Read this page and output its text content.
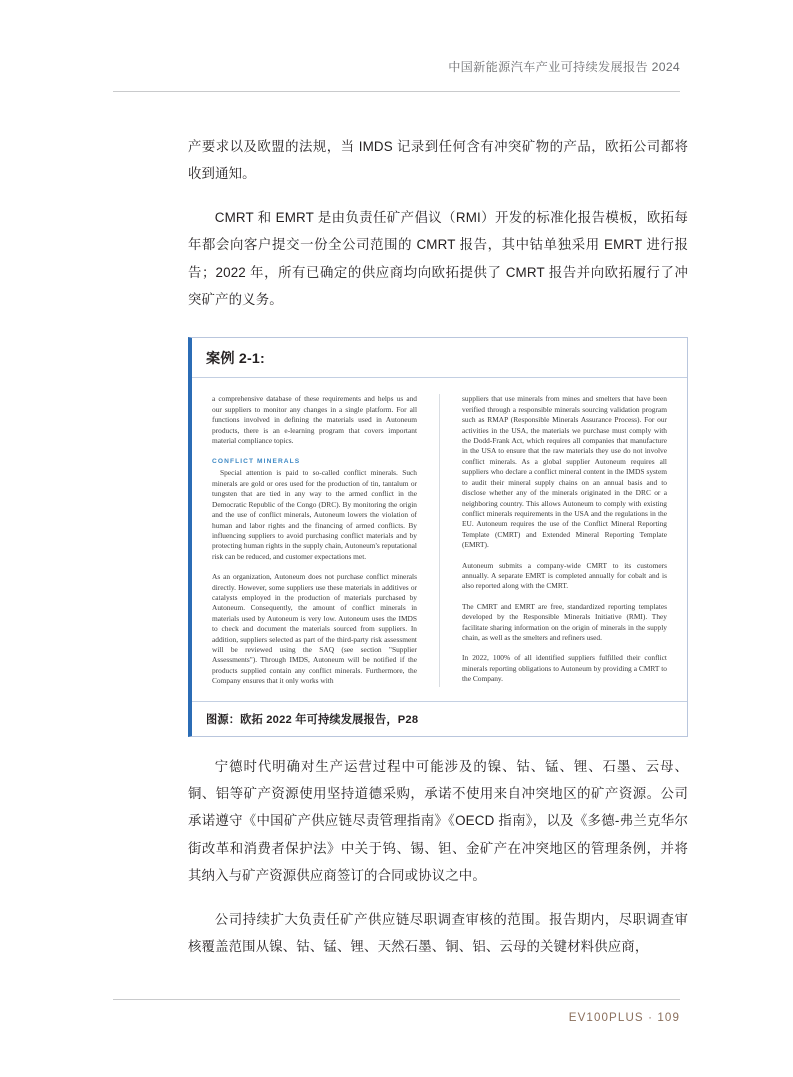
中国新能源汽车产业可持续发展报告 2024

产要求以及欧盟的法规，当 IMDS 记录到任何含有冲突矿物的产品，欧拓公司都将收到通知。

CMRT 和 EMRT 是由负责任矿产倡议（RMI）开发的标准化报告模板，欧拓每年都会向客户提交一份全公司范围的 CMRT 报告，其中钴单独采用 EMRT 进行报告；2022 年，所有已确定的供应商均向欧拓提供了 CMRT 报告并向欧拓履行了冲突矿产的义务。

案例 2-1:

a comprehensive database of these requirements and helps us and our suppliers to monitor any changes in a single platform. For all functions involved in defining the materials used in Autoneum products, there is an e-learning program that covers important material compliance topics.

CONFLICT MINERALS

Special attention is paid to so-called conflict minerals. Such minerals are gold or ores used for the production of tin, tantalum or tungsten that are tied in any way to the armed conflict in the Democratic Republic of the Congo (DRC). By monitoring the origin and the use of conflict minerals, Autoneum lowers the violation of human and labor rights and the financing of armed conflicts. By influencing suppliers to avoid purchasing conflict materials and by protecting human rights in the supply chain, Autoneum's reputational risk can be reduced, and customer expectations met.

As an organization, Autoneum does not purchase conflict minerals directly. However, some suppliers use these materials in additives or catalysts employed in the production of materials purchased by Autoneum. Consequently, the amount of conflict minerals in materials used by Autoneum is very low. Autoneum uses the IMDS to check and document the materials sourced from suppliers. In addition, suppliers selected as part of the third-party risk assessment will be reviewed using the SAQ (see section "Supplier Assessments"). Through IMDS, Autoneum will be notified if the products supplied contain any conflict minerals. Furthermore, the Company ensures that it only works with

suppliers that use minerals from mines and smelters that have been verified through a responsible minerals sourcing validation program such as RMAP (Responsible Minerals Assurance Process). For our activities in the USA, the materials we purchase must comply with the Dodd-Frank Act, which requires all companies that manufacture in the USA to ensure that the raw materials they use do not involve conflict minerals. As a global supplier Autoneum requires all suppliers who declare a conflict mineral content in the IMDS system to audit their mineral supply chains on an annual basis and to disclose whether any of the minerals originated in the DRC or a neighboring country. This allows Autoneum to comply with existing conflict minerals requirements in the USA and the regulations in the EU. Autoneum requires the use of the Conflict Mineral Reporting Template (CMRT) and Extended Mineral Reporting Template (EMRT).

Autoneum submits a company-wide CMRT to its customers annually. A separate EMRT is completed annually for cobalt and is also reported along with the CMRT.

The CMRT and EMRT are free, standardized reporting templates developed by the Responsible Minerals Initiative (RMI). They facilitate sharing information on the origin of minerals in the supply chain, as well as the smelters and refiners used.

In 2022, 100% of all identified suppliers fulfilled their conflict minerals reporting obligations to Autoneum by providing a CMRT to the Company.

图源：欧拓 2022 年可持续发展报告，P28

宁德时代明确对生产运营过程中可能涉及的镍、钴、锰、锂、石墨、云母、铜、铝等矿产资源使用坚持道德采购，承诺不使用来自冲突地区的矿产资源。公司承诺遵守《中国矿产供应链尽责管理指南》《OECD 指南》，以及《多德-弗兰克华尔街改革和消费者保护法》中关于钨、锡、钽、金矿产在冲突地区的管理条例，并将其纳入与矿产资源供应商签订的合同或协议之中。

公司持续扩大负责任矿产供应链尽职调查审核的范围。报告期内，尽职调查审核覆盖范围从镍、钴、锰、锂、天然石墨、铜、铝、云母的关键材料供应商，

EV100PLUS · 109
